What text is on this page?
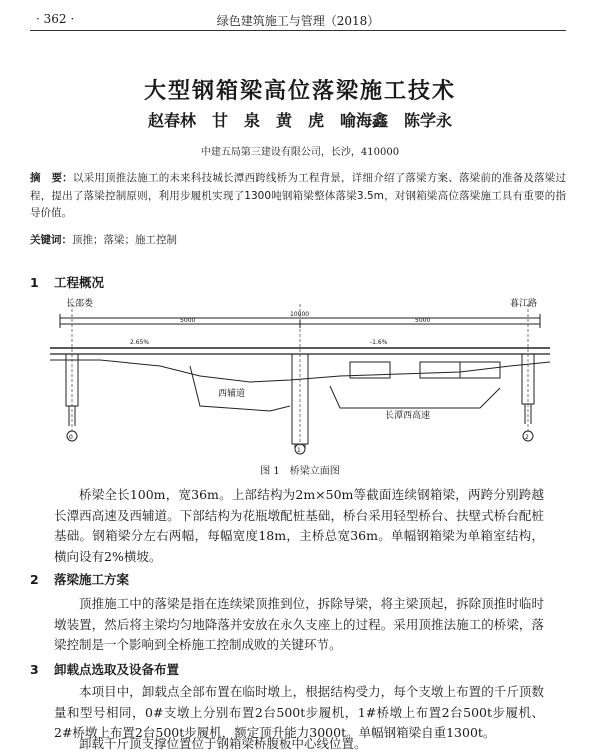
· 362 ·	绿色建筑施工与管理（2018）
大型钢箱梁高位落梁施工技术
赵春林　甘　泉　黄　虎　喻海鑫　陈学永
中建五局第三建设有限公司，长沙，410000
摘　要：以采用顶推法施工的未来科技城长潭西跨线桥为工程背景，详细介绍了落梁方案、落梁前的准备及落梁过程，提出了落梁控制原则，利用步履机实现了1300吨钢箱梁整体落梁3.5m，对钢箱梁高位落梁施工具有重要的指导价值。
关键词：顶推；落梁；施工控制
1 工程概况
长邵娄	暮江路
10000
5000	5000
2.65%	-1.6%
西辅道
长潭西高速
0
1
2
图 1　桥梁立面图
桥梁全长100m，宽36m。上部结构为2m×50m等截面连续钢箱梁，两跨分别跨越长潭西高速及西辅道。下部结构为花瓶墩配桩基础，桥台采用轻型桥台、扶壁式桥台配桩基础。钢箱梁分左右两幅，每幅宽度18m，主桥总宽36m。单幅钢箱梁为单箱室结构，横向设有2%横坡。
2 落梁施工方案
顶推施工中的落梁是指在连续梁顶推到位，拆除导梁，将主梁顶起，拆除顶推时临时墩装置，然后将主梁均匀地降落并安放在永久支座上的过程。采用顶推法施工的桥梁，落梁控制是一个影响到全桥施工控制成败的关键环节。
3 卸载点选取及设备布置
本项目中，卸载点全部布置在临时墩上，根据结构受力，每个支墩上布置的千斤顶数量和型号相同，0#支墩上分别布置2台500t步履机，1#桥墩上布置2台500t步履机、2#桥墩上布置2台500t步履机，额定顶升能力3000t。单幅钢箱梁自重1300t。
卸载千斤顶支撑位置位于钢箱梁桥腹板中心线位置。
